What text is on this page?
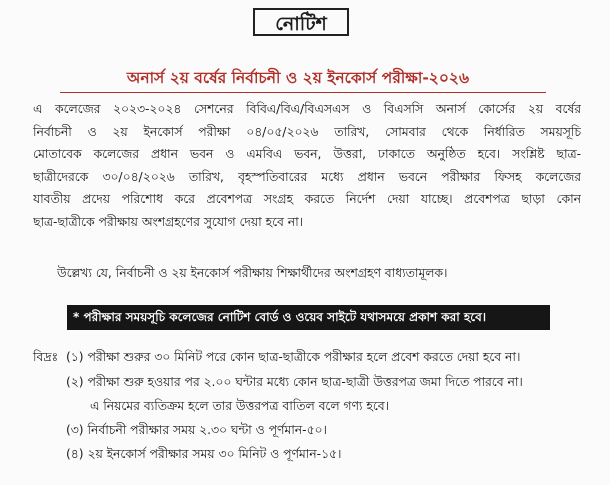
নোটিশ
অনার্স ২য় বর্ষের নির্বাচনী ও ২য় ইনকোর্স পরীক্ষা-২০২৬
এ কলেজের ২০২৩-২০২৪ সেশনের বিবিএ/বিএ/বিএসএস ও বিএসসি অনার্স কোর্সের ২য় বর্ষের
নির্বাচনী ও ২য় ইনকোর্স পরীক্ষা ০৪/০৫/২০২৬ তারিখ, সোমবার থেকে নির্ধারিত সময়সূচি
মোতাবেক কলেজের প্রধান ভবন ও এমবিএ ভবন, উত্তরা, ঢাকাতে অনুষ্ঠিত হবে। সংশ্লিষ্ট ছাত্র-
ছাত্রীদেরকে ৩০/০৪/২০২৬ তারিখ, বৃহস্পতিবারের মধ্যে প্রধান ভবনে পরীক্ষার ফিসহ কলেজের
যাবতীয় প্রদেয় পরিশোধ করে প্রবেশপত্র সংগ্রহ করতে নির্দেশ দেয়া যাচ্ছে। প্রবেশপত্র ছাড়া কোন
ছাত্র-ছাত্রীকে পরীক্ষায় অংশগ্রহণের সুযোগ দেয়া হবে না।
উল্লেখ্য যে, নির্বাচনী ও ২য় ইনকোর্স পরীক্ষায় শিক্ষার্থীদের অংশগ্রহণ বাধ্যতামূলক।
* পরীক্ষার সময়সূচি কলেজের নোটিশ বোর্ড ও ওয়েব সাইটে যথাসময়ে প্রকাশ করা হবে।
বিদ্রঃ (১) পরীক্ষা শুরুর ৩০ মিনিট পরে কোন ছাত্র-ছাত্রীকে পরীক্ষার হলে প্রবেশ করতে দেয়া হবে না।
(২) পরীক্ষা শুরু হওয়ার পর ২.০০ ঘন্টার মধ্যে কোন ছাত্র-ছাত্রী উত্তরপত্র জমা দিতে পারবে না।
এ নিয়মের ব্যতিক্রম হলে তার উত্তরপত্র বাতিল বলে গণ্য হবে।
(৩) নির্বাচনী পরীক্ষার সময় ২.৩০ ঘন্টা ও পূর্ণমান-৫০।
(৪) ২য় ইনকোর্স পরীক্ষার সময় ৩০ মিনিট ও পূর্ণমান-১৫।
